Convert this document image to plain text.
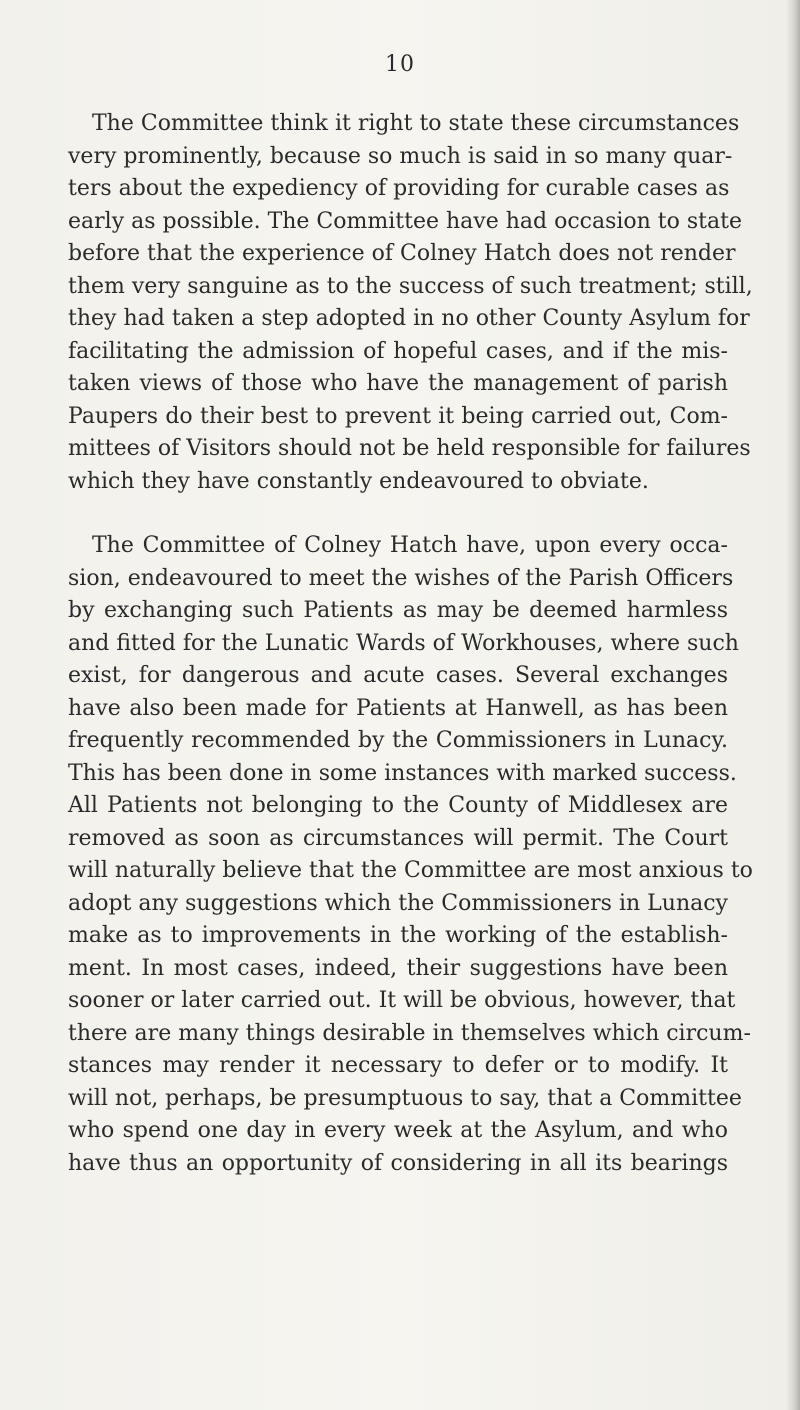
10
The Committee think it right to state these circumstances
very prominently, because so much is said in so many quar-
ters about the expediency of providing for curable cases as
early as possible. The Committee have had occasion to state
before that the experience of Colney Hatch does not render
them very sanguine as to the success of such treatment; still,
they had taken a step adopted in no other County Asylum for
facilitating the admission of hopeful cases, and if the mis-
taken views of those who have the management of parish
Paupers do their best to prevent it being carried out, Com-
mittees of Visitors should not be held responsible for failures
which they have constantly endeavoured to obviate.
The Committee of Colney Hatch have, upon every occa-
sion, endeavoured to meet the wishes of the Parish Officers
by exchanging such Patients as may be deemed harmless
and fitted for the Lunatic Wards of Workhouses, where such
exist, for dangerous and acute cases. Several exchanges
have also been made for Patients at Hanwell, as has been
frequently recommended by the Commissioners in Lunacy.
This has been done in some instances with marked success.
All Patients not belonging to the County of Middlesex are
removed as soon as circumstances will permit. The Court
will naturally believe that the Committee are most anxious to
adopt any suggestions which the Commissioners in Lunacy
make as to improvements in the working of the establish-
ment. In most cases, indeed, their suggestions have been
sooner or later carried out. It will be obvious, however, that
there are many things desirable in themselves which circum-
stances may render it necessary to defer or to modify. It
will not, perhaps, be presumptuous to say, that a Committee
who spend one day in every week at the Asylum, and who
have thus an opportunity of considering in all its bearings
